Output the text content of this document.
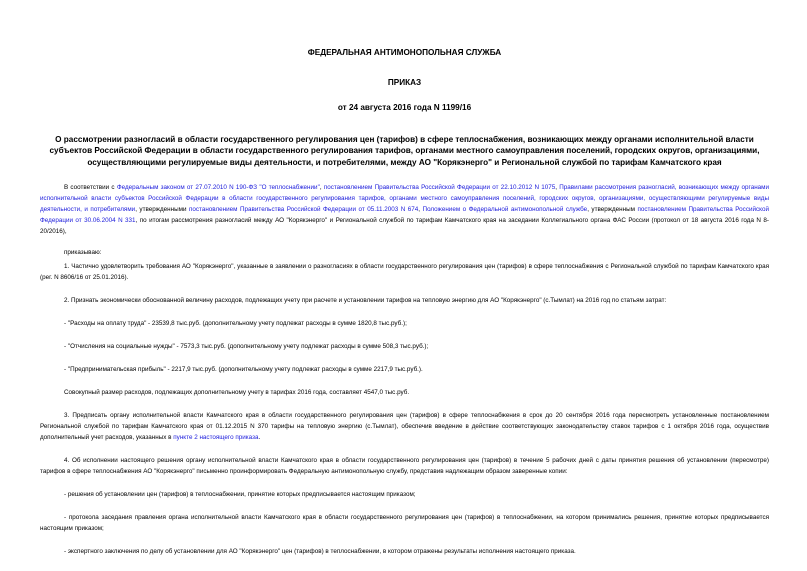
ФЕДЕРАЛЬНАЯ АНТИМОНОПОЛЬНАЯ СЛУЖБА

ПРИКАЗ

от 24 августа 2016 года N 1199/16

О рассмотрении разногласий в области государственного регулирования цен (тарифов) в сфере теплоснабжения, возникающих между органами исполнительной власти субъектов Российской Федерации в области государственного регулирования тарифов, органами местного самоуправления поселений, городских округов, организациями, осуществляющими регулируемые виды деятельности, и потребителями, между АО "Корякэнерго" и Региональной службой по тарифам Камчатского края

В соответствии с Федеральным законом от 27.07.2010 N 190-ФЗ "О теплоснабжении", постановлением Правительства Российской Федерации от 22.10.2012 N 1075, Правилами рассмотрения разногласий, возникающих между органами исполнительной власти субъектов Российской Федерации в области государственного регулирования тарифов, органами местного самоуправления поселений, городских округов, организациями, осуществляющими регулируемые виды деятельности, и потребителями, утвержденными постановлением Правительства Российской Федерации от 05.11.2003 N 674, Положением о Федеральной антимонопольной службе, утвержденным постановлением Правительства Российской Федерации от 30.06.2004 N 331, по итогам рассмотрения разногласий между АО "Корякэнерго" и Региональной службой по тарифам Камчатского края на заседании Коллегиального органа ФАС России (протокол от 18 августа 2016 года N 8-20/2016),

приказываю:

1. Частично удовлетворить требования АО "Корякэнерго", указанные в заявлении о разногласиях в области государственного регулирования цен (тарифов) в сфере теплоснабжения с Региональной службой по тарифам Камчатского края (рег. N 8606/16 от 25.01.2016).

2. Признать экономически обоснованной величину расходов, подлежащих учету при расчете и установлении тарифов на тепловую энергию для АО "Корякэнерго" (с.Тымлат) на 2016 год по статьям затрат:

- "Расходы на оплату труда" - 23539,8 тыс.руб. (дополнительному учету подлежат расходы в сумме 1820,8 тыс.руб.);

- "Отчисления на социальные нужды" - 7573,3 тыс.руб. (дополнительному учету подлежат расходы в сумме 508,3 тыс.руб.);

- "Предпринимательская прибыль" - 2217,9 тыс.руб. (дополнительному учету подлежат расходы в сумме 2217,9 тыс.руб.).

Совокупный размер расходов, подлежащих дополнительному учету в тарифах 2016 года, составляет 4547,0 тыс.руб.

3. Предписать органу исполнительной власти Камчатского края в области государственного регулирования цен (тарифов) в сфере теплоснабжения в срок до 20 сентября 2016 года пересмотреть установленные постановлением Региональной службой по тарифам Камчатского края от 01.12.2015 N 370 тарифы на тепловую энергию (с.Тымлат), обеспечив введение в действие соответствующих законодательству ставок тарифов с 1 октября 2016 года, осуществив дополнительный учет расходов, указанных в пункте 2 настоящего приказа.

4. Об исполнении настоящего решения органу исполнительной власти Камчатского края в области государственного регулирования цен (тарифов) в течение 5 рабочих дней с даты принятия решения об установлении (пересмотре) тарифов в сфере теплоснабжения АО "Корякэнерго" письменно проинформировать Федеральную антимонопольную службу, представив надлежащим образом заверенные копии:

- решения об установлении цен (тарифов) в теплоснабжении, принятие которых предписывается настоящим приказом;

- протокола заседания правления органа исполнительной власти Камчатского края в области государственного регулирования цен (тарифов) в теплоснабжении, на котором принимались решения, принятие которых предписывается настоящим приказом;

- экспертного заключения по делу об установлении для АО "Корякэнерго" цен (тарифов) в теплоснабжении, в котором отражены результаты исполнения настоящего приказа.
